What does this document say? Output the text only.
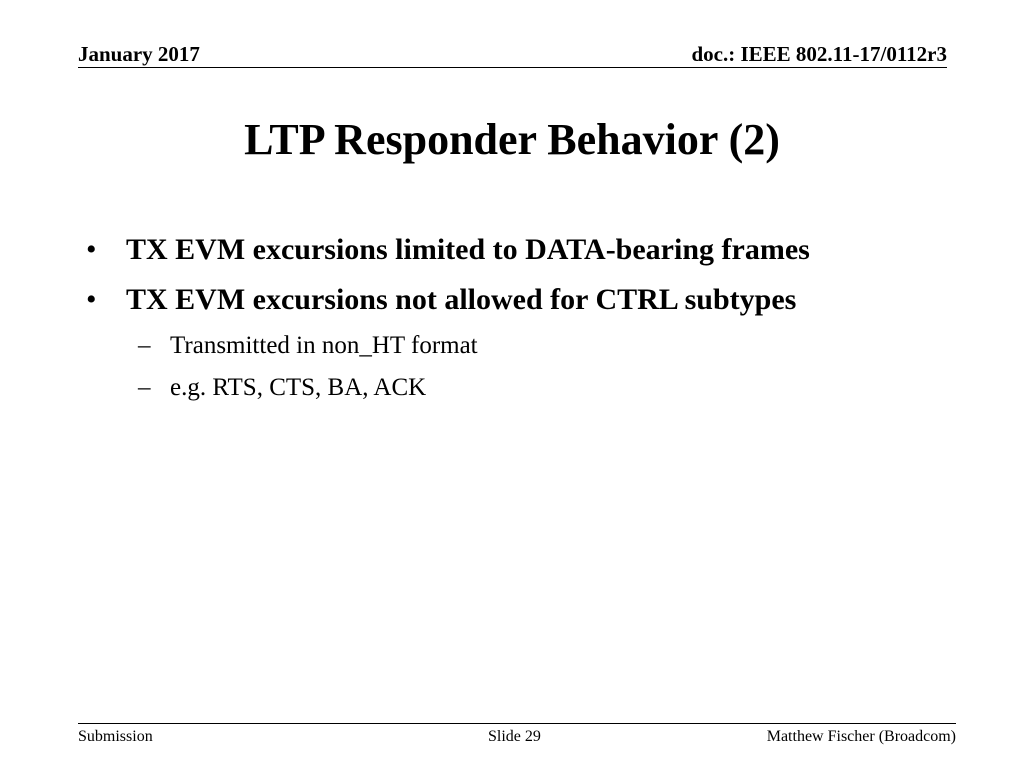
January 2017	doc.: IEEE 802.11-17/0112r3
LTP Responder Behavior (2)
• TX EVM excursions limited to DATA-bearing frames
• TX EVM excursions not allowed for CTRL subtypes
– Transmitted in non_HT format
– e.g. RTS, CTS, BA, ACK
Submission	Slide 29	Matthew Fischer (Broadcom)
